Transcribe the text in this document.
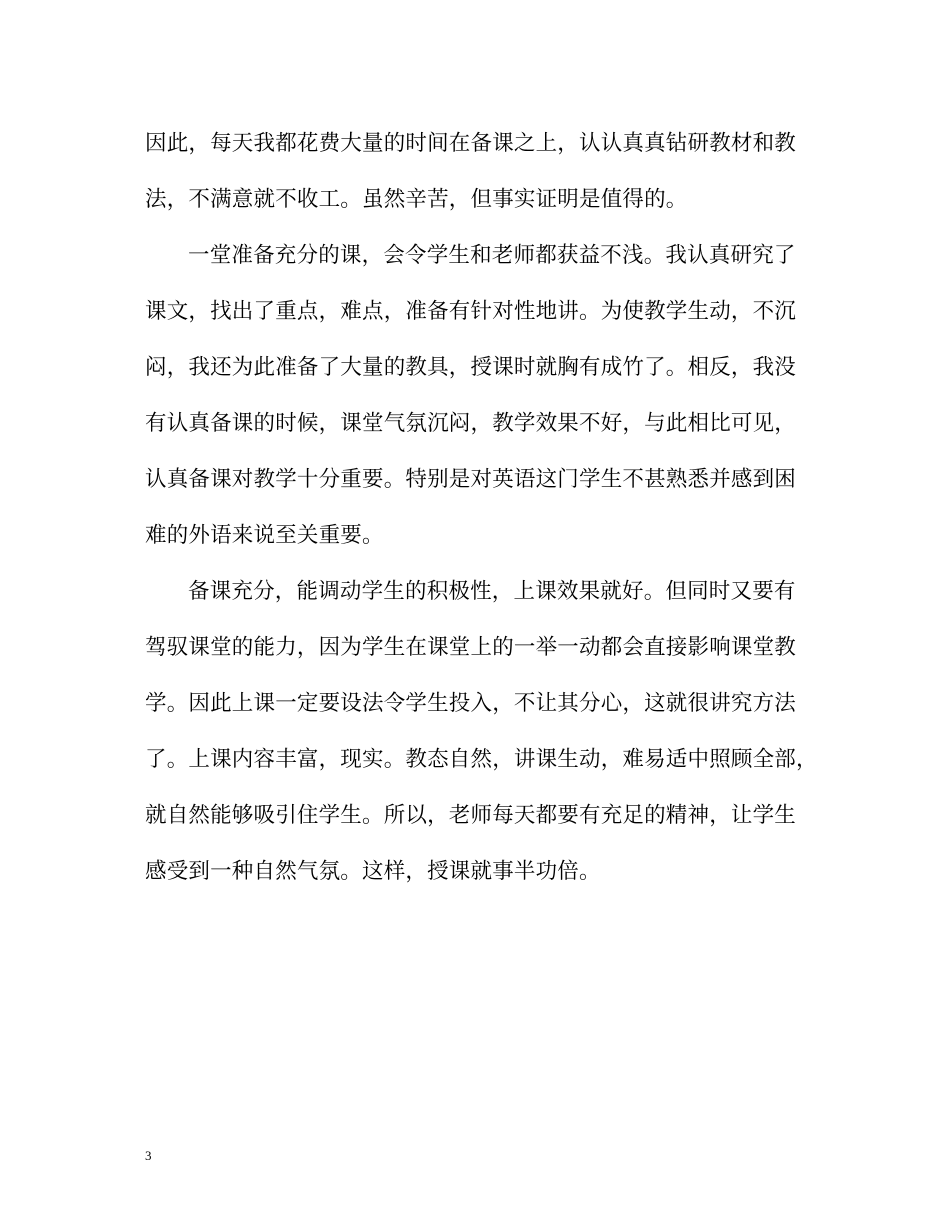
因此，每天我都花费大量的时间在备课之上，认认真真钻研教材和教
法，不满意就不收工。虽然辛苦，但事实证明是值得的。
一堂准备充分的课，会令学生和老师都获益不浅。我认真研究了
课文，找出了重点，难点，准备有针对性地讲。为使教学生动，不沉
闷，我还为此准备了大量的教具，授课时就胸有成竹了。相反，我没
有认真备课的时候，课堂气氛沉闷，教学效果不好，与此相比可见，
认真备课对教学十分重要。特别是对英语这门学生不甚熟悉并感到困
难的外语来说至关重要。
备课充分，能调动学生的积极性，上课效果就好。但同时又要有
驾驭课堂的能力，因为学生在课堂上的一举一动都会直接影响课堂教
学。因此上课一定要设法令学生投入，不让其分心，这就很讲究方法
了。上课内容丰富，现实。教态自然，讲课生动，难易适中照顾全部，
就自然能够吸引住学生。所以，老师每天都要有充足的精神，让学生
感受到一种自然气氛。这样，授课就事半功倍。
3
